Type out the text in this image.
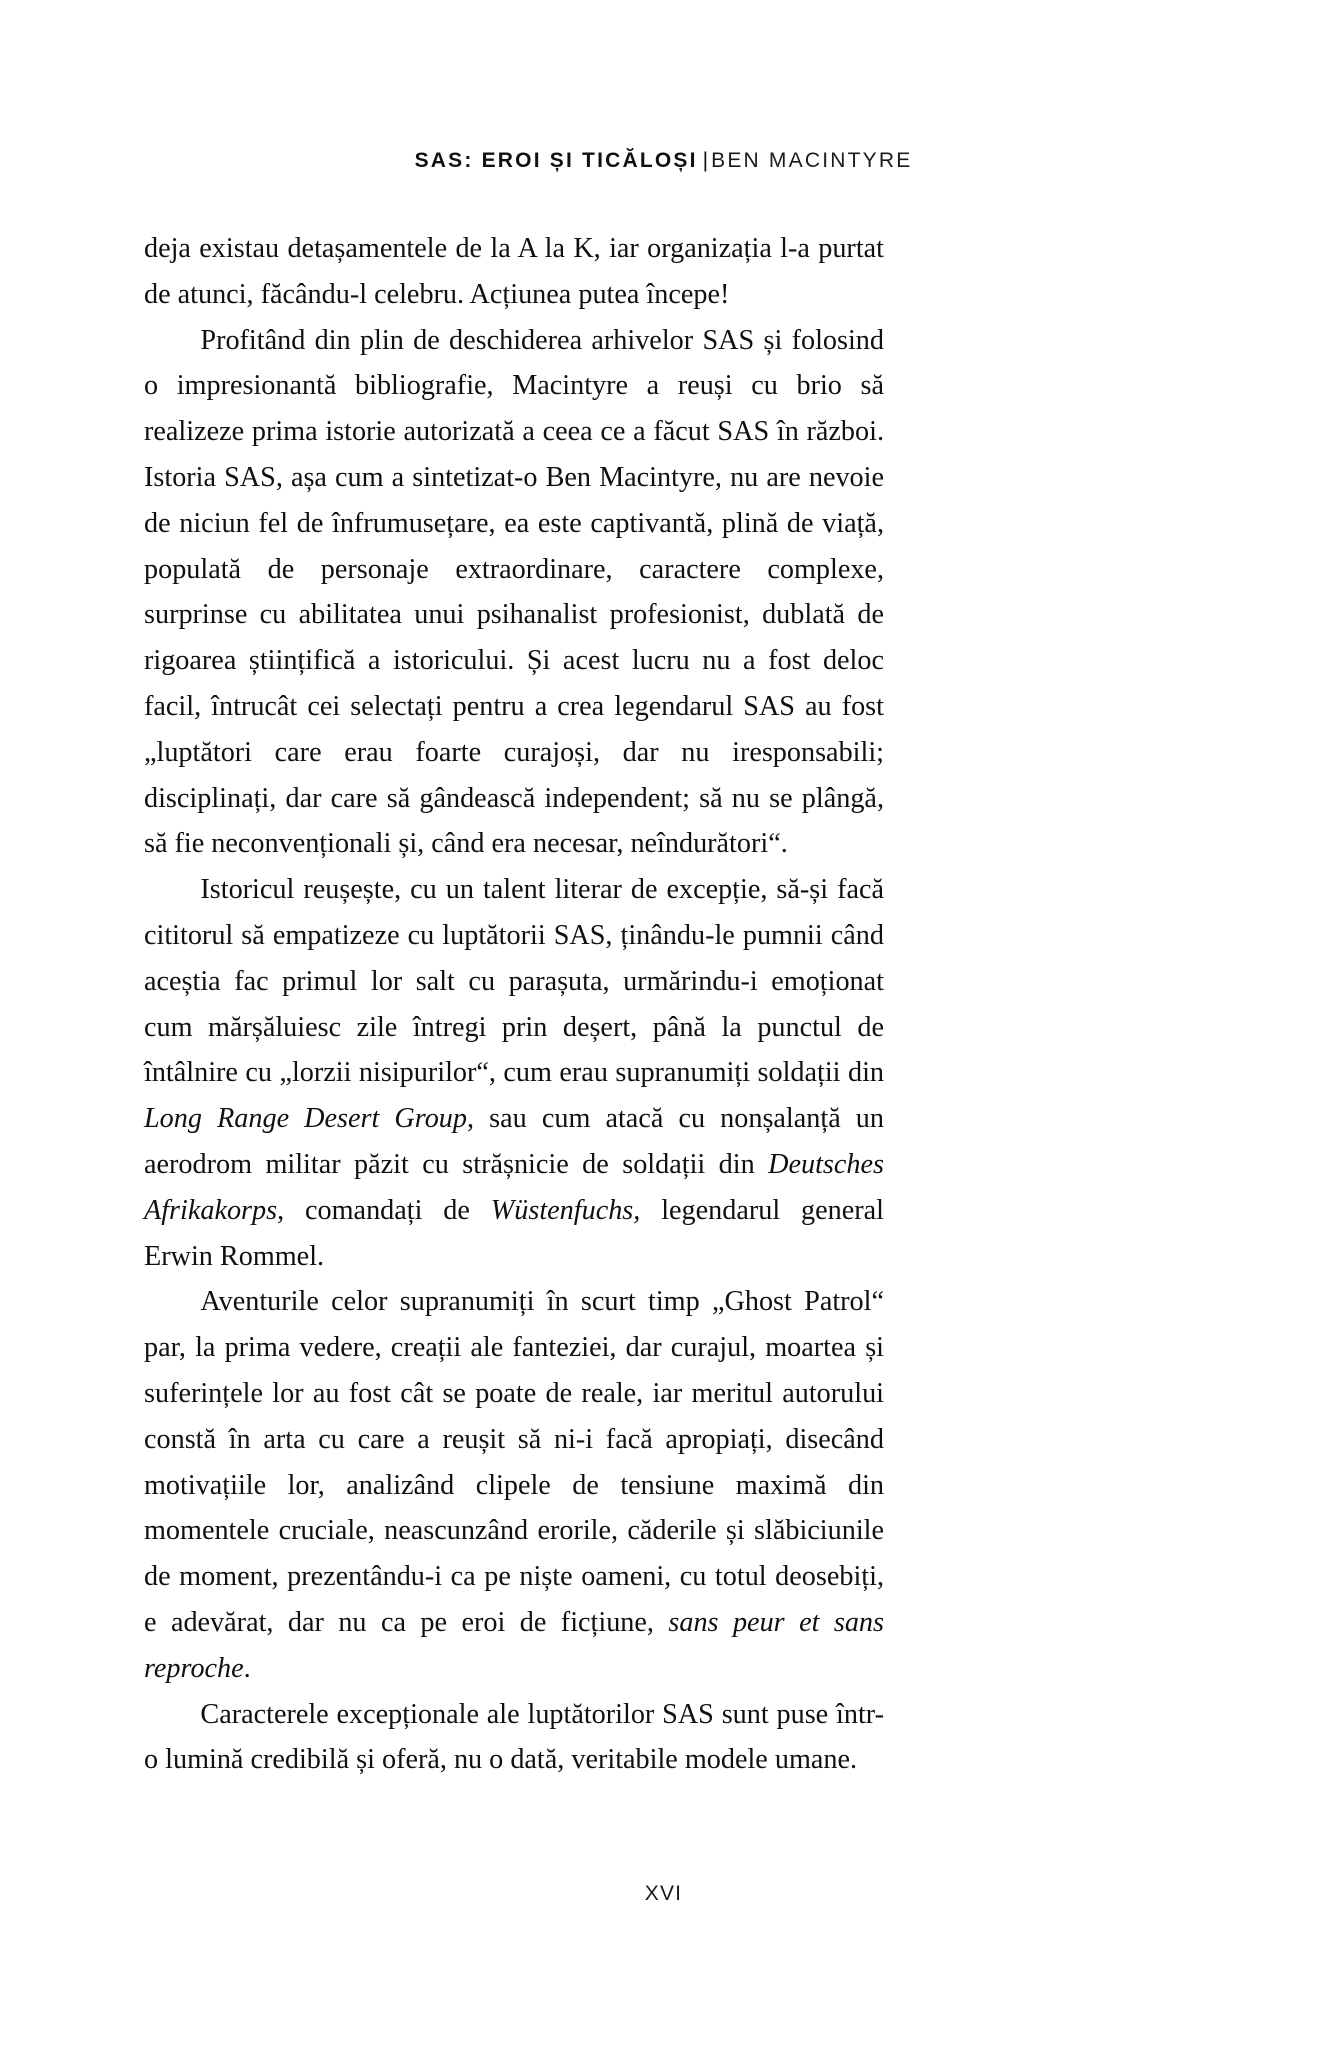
SAS: EROI ȘI TICĂLOȘI | BEN MACINTYRE

deja existau detașamentele de la A la K, iar organizația l-a purtat de atunci, făcându-l celebru. Acțiunea putea începe!

Profitând din plin de deschiderea arhivelor SAS și folosind o impresionantă bibliografie, Macintyre a reuși cu brio să realizeze prima istorie autorizată a ceea ce a făcut SAS în război. Istoria SAS, așa cum a sintetizat-o Ben Macintyre, nu are nevoie de niciun fel de înfrumusețare, ea este captivantă, plină de viață, populată de personaje extraordinare, caractere complexe, surprinse cu abilitatea unui psihanalist profesionist, dublată de rigoarea științifică a istoricului. Și acest lucru nu a fost deloc facil, întrucât cei selectați pentru a crea legendarul SAS au fost „luptători care erau foarte curajoși, dar nu iresponsabili; disciplinați, dar care să gândească independent; să nu se plângă, să fie neconvenționali și, când era necesar, neîndurători“.

Istoricul reușește, cu un talent literar de excepție, să-și facă cititorul să empatizeze cu luptătorii SAS, ținându-le pumnii când aceștia fac primul lor salt cu parașuta, urmărindu-i emoționat cum mărșăluiesc zile întregi prin deșert, până la punctul de întâlnire cu „lorzii nisipurilor“, cum erau supranumiți soldații din Long Range Desert Group, sau cum atacă cu nonșalanță un aerodrom militar păzit cu strășnicie de soldații din Deutsches Afrikakorps, comandați de Wüstenfuchs, legendarul general Erwin Rommel.

Aventurile celor supranumiți în scurt timp „Ghost Patrol“ par, la prima vedere, creații ale fanteziei, dar curajul, moartea și suferințele lor au fost cât se poate de reale, iar meritul autorului constă în arta cu care a reușit să ni-i facă apropiați, disecând motivațiile lor, analizând clipele de tensiune maximă din momentele cruciale, neascunzând erorile, căderile și slăbiciunile de moment, prezentându-i ca pe niște oameni, cu totul deosebiți, e adevărat, dar nu ca pe eroi de ficțiune, sans peur et sans reproche.

Caracterele excepționale ale luptătorilor SAS sunt puse într-o lumină credibilă și oferă, nu o dată, veritabile modele umane.

XVI
